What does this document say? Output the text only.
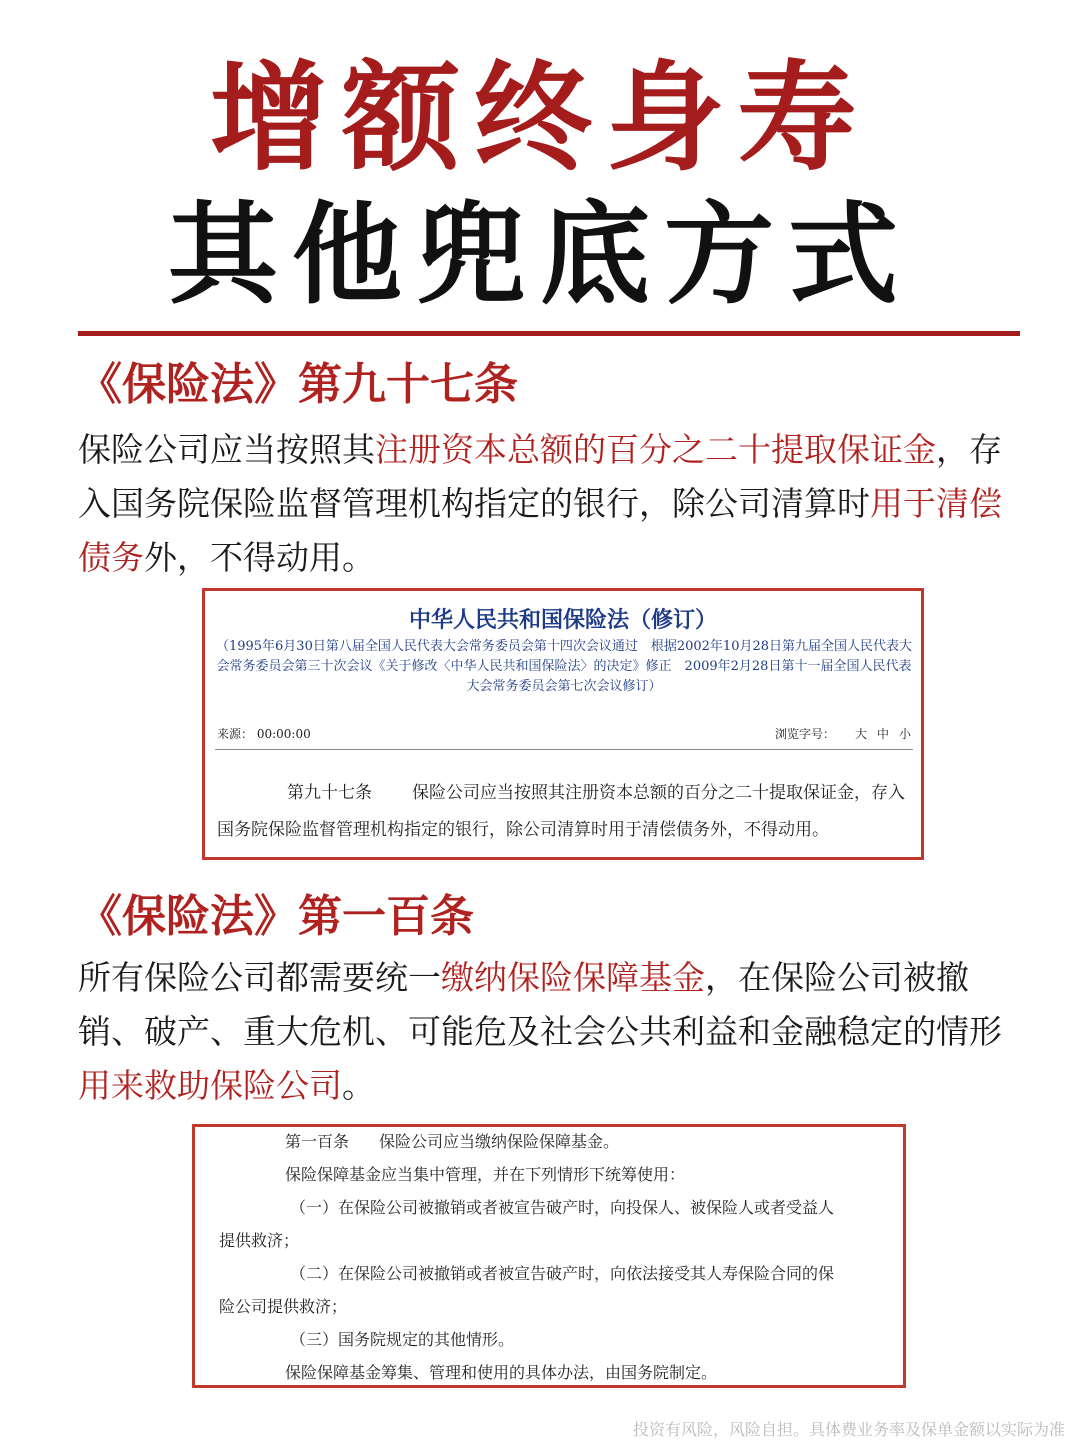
增额终身寿
其他兜底方式
《保险法》第九十七条

保险公司应当按照其注册资本总额的百分之二十提取保证金，存入国务院保险监督管理机构指定的银行，除公司清算时用于清偿债务外，不得动用。

中华人民共和国保险法（修订）

（1995年6月30日第八届全国人民代表大会常务委员会第十四次会议通过　根据2002年10月28日第九届全国人民代表大会常务委员会第三十次会议《关于修改〈中华人民共和国保险法〉的决定》修正　2009年2月28日第十一届全国人民代表大会常务委员会第七次会议修订）

来源： 00:00:00	浏览字号： 大 中 小

第九十七条 保险公司应当按照其注册资本总额的百分之二十提取保证金，存入国务院保险监督管理机构指定的银行，除公司清算时用于清偿债务外，不得动用。

《保险法》第一百条

所有保险公司都需要统一缴纳保险保障基金，在保险公司被撤销、破产、重大危机、可能危及社会公共利益和金融稳定的情形用来救助保险公司。

第一百条 保险公司应当缴纳保险保障基金。

保险保障基金应当集中管理，并在下列情形下统筹使用：

（一）在保险公司被撤销或者被宣告破产时，向投保人、被保险人或者受益人

提供救济；

（二）在保险公司被撤销或者被宣告破产时，向依法接受其人寿保险合同的保

险公司提供救济；

（三）国务院规定的其他情形。

保险保障基金筹集、管理和使用的具体办法，由国务院制定。

投资有风险，风险自担。具体费业务率及保单金额以实际为准
